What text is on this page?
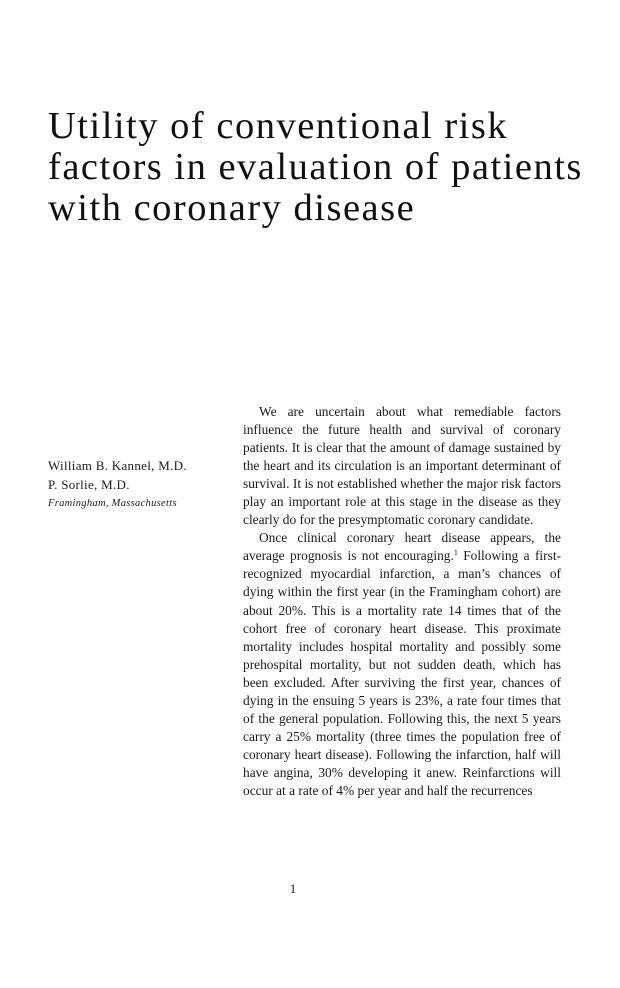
Utility of conventional risk
factors in evaluation of patients
with coronary disease
William B. Kannel, M.D.
P. Sorlie, M.D.
Framingham, Massachusetts

We are uncertain about what remediable factors influence the future health and survival of coronary patients. It is clear that the amount of damage sustained by the heart and its circulation is an important determinant of survival. It is not established whether the major risk factors play an important role at this stage in the disease as they clearly do for the presymptomatic coronary candidate.

Once clinical coronary heart disease appears, the average prognosis is not encouraging.$^1$ Following a first-recognized myocardial infarction, a man’s chances of dying within the first year (in the Framingham cohort) are about 20%. This is a mortality rate 14 times that of the cohort free of coronary heart disease. This proximate mortality includes hospital mortality and possibly some prehospital mortality, but not sudden death, which has been excluded. After surviving the first year, chances of dying in the ensuing 5 years is 23%, a rate four times that of the general population. Following this, the next 5 years carry a 25% mortality (three times the population free of coronary heart disease). Following the infarction, half will have angina, 30% developing it anew. Reinfarctions will occur at a rate of 4% per year and half the recurrences

1
